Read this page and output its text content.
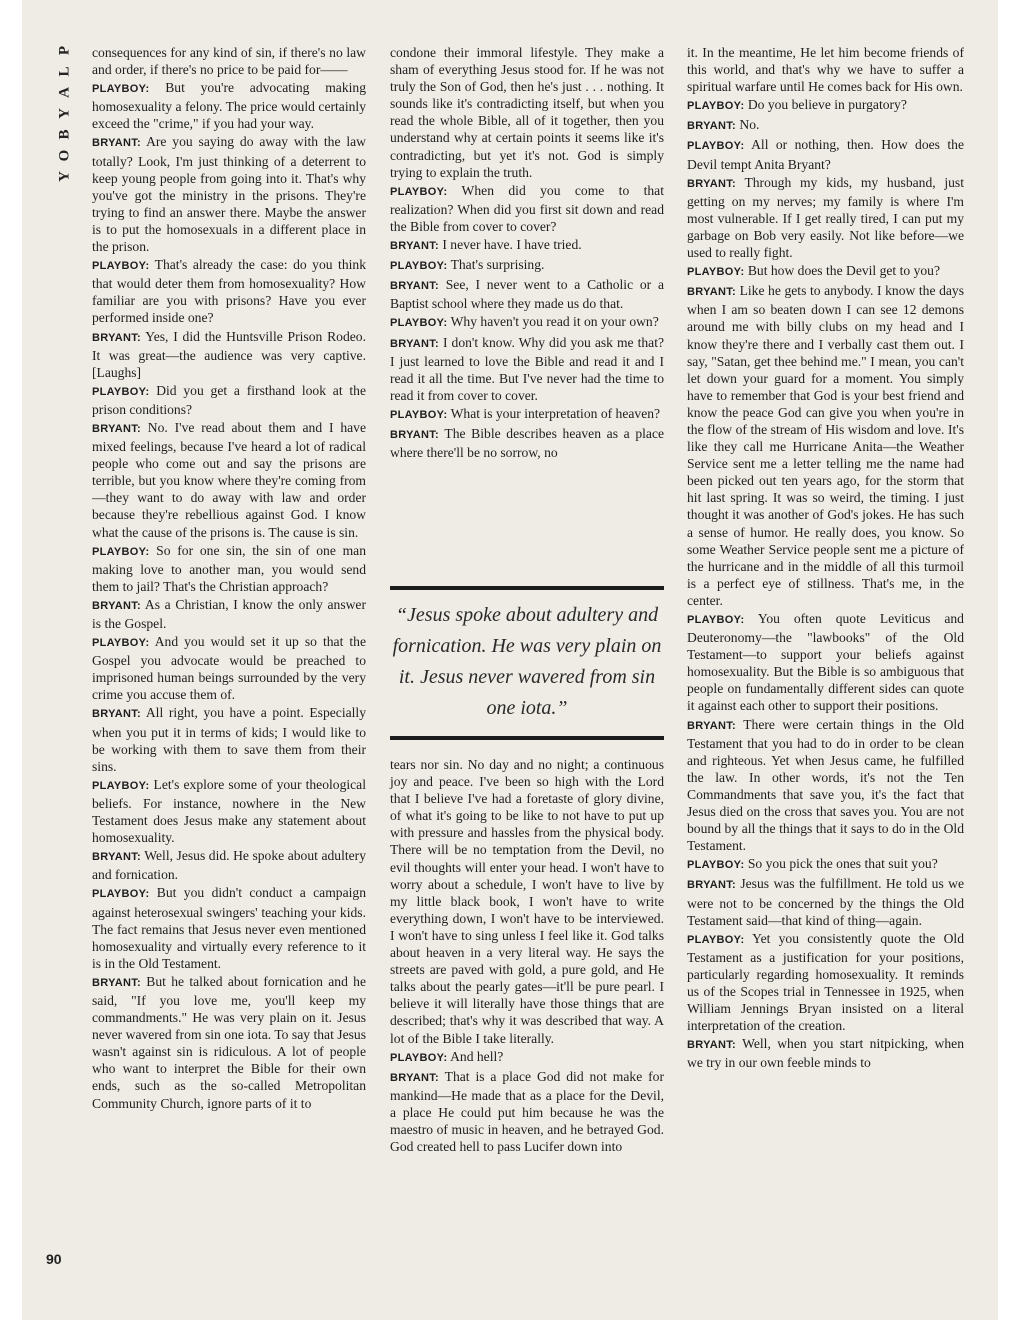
P
L
A
Y
B
O
Y

consequences for any kind of sin, if there's no law and order, if there's no price to be paid for——

PLAYBOY: But you're advocating making homosexuality a felony. The price would certainly exceed the "crime," if you had your way.

BRYANT: Are you saying do away with the law totally? Look, I'm just thinking of a deterrent to keep young people from going into it. That's why you've got the ministry in the prisons. They're trying to find an answer there. Maybe the answer is to put the homosexuals in a different place in the prison.

PLAYBOY: That's already the case: do you think that would deter them from homosexuality? How familiar are you with prisons? Have you ever performed inside one?

BRYANT: Yes, I did the Huntsville Prison Rodeo. It was great—the audience was very captive. [Laughs]

PLAYBOY: Did you get a firsthand look at the prison conditions?

BRYANT: No. I've read about them and I have mixed feelings, because I've heard a lot of radical people who come out and say the prisons are terrible, but you know where they're coming from—they want to do away with law and order because they're rebellious against God. I know what the cause of the prisons is. The cause is sin.

PLAYBOY: So for one sin, the sin of one man making love to another man, you would send them to jail? That's the Christian approach?

BRYANT: As a Christian, I know the only answer is the Gospel.

PLAYBOY: And you would set it up so that the Gospel you advocate would be preached to imprisoned human beings surrounded by the very crime you accuse them of.

BRYANT: All right, you have a point. Especially when you put it in terms of kids; I would like to be working with them to save them from their sins.

PLAYBOY: Let's explore some of your theological beliefs. For instance, nowhere in the New Testament does Jesus make any statement about homosexuality.

BRYANT: Well, Jesus did. He spoke about adultery and fornication.

PLAYBOY: But you didn't conduct a campaign against heterosexual swingers' teaching your kids. The fact remains that Jesus never even mentioned homosexuality and virtually every reference to it is in the Old Testament.

BRYANT: But he talked about fornication and he said, "If you love me, you'll keep my commandments." He was very plain on it. Jesus never wavered from sin one iota. To say that Jesus wasn't against sin is ridiculous. A lot of people who want to interpret the Bible for their own ends, such as the so-called Metropolitan Community Church, ignore parts of it to

condone their immoral lifestyle. They make a sham of everything Jesus stood for. If he was not truly the Son of God, then he's just . . . nothing. It sounds like it's contradicting itself, but when you read the whole Bible, all of it together, then you understand why at certain points it seems like it's contradicting, but yet it's not. God is simply trying to explain the truth.

PLAYBOY: When did you come to that realization? When did you first sit down and read the Bible from cover to cover?

BRYANT: I never have. I have tried.

PLAYBOY: That's surprising.

BRYANT: See, I never went to a Catholic or a Baptist school where they made us do that.

PLAYBOY: Why haven't you read it on your own?

BRYANT: I don't know. Why did you ask me that? I just learned to love the Bible and read it and I read it all the time. But I've never had the time to read it from cover to cover.

PLAYBOY: What is your interpretation of heaven?

BRYANT: The Bible describes heaven as a place where there'll be no sorrow, no

“Jesus spoke about adultery and fornication. He was very plain on it. Jesus never wavered from sin one iota.”

tears nor sin. No day and no night; a continuous joy and peace. I've been so high with the Lord that I believe I've had a foretaste of glory divine, of what it's going to be like to not have to put up with pressure and hassles from the physical body. There will be no temptation from the Devil, no evil thoughts will enter your head. I won't have to worry about a schedule, I won't have to live by my little black book, I won't have to write everything down, I won't have to be interviewed. I won't have to sing unless I feel like it. God talks about heaven in a very literal way. He says the streets are paved with gold, a pure gold, and He talks about the pearly gates—it'll be pure pearl. I believe it will literally have those things that are described; that's why it was described that way. A lot of the Bible I take literally.

PLAYBOY: And hell?

BRYANT: That is a place God did not make for mankind—He made that as a place for the Devil, a place He could put him because he was the maestro of music in heaven, and he betrayed God. God created hell to pass Lucifer down into

it. In the meantime, He let him become friends of this world, and that's why we have to suffer a spiritual warfare until He comes back for His own.

PLAYBOY: Do you believe in purgatory?

BRYANT: No.

PLAYBOY: All or nothing, then. How does the Devil tempt Anita Bryant?

BRYANT: Through my kids, my husband, just getting on my nerves; my family is where I'm most vulnerable. If I get really tired, I can put my garbage on Bob very easily. Not like before—we used to really fight.

PLAYBOY: But how does the Devil get to you?

BRYANT: Like he gets to anybody. I know the days when I am so beaten down I can see 12 demons around me with billy clubs on my head and I know they're there and I verbally cast them out. I say, "Satan, get thee behind me." I mean, you can't let down your guard for a moment. You simply have to remember that God is your best friend and know the peace God can give you when you're in the flow of the stream of His wisdom and love. It's like they call me Hurricane Anita—the Weather Service sent me a letter telling me the name had been picked out ten years ago, for the storm that hit last spring. It was so weird, the timing. I just thought it was another of God's jokes. He has such a sense of humor. He really does, you know. So some Weather Service people sent me a picture of the hurricane and in the middle of all this turmoil is a perfect eye of stillness. That's me, in the center.

PLAYBOY: You often quote Leviticus and Deuteronomy—the "lawbooks" of the Old Testament—to support your beliefs against homosexuality. But the Bible is so ambiguous that people on fundamentally different sides can quote it against each other to support their positions.

BRYANT: There were certain things in the Old Testament that you had to do in order to be clean and righteous. Yet when Jesus came, he fulfilled the law. In other words, it's not the Ten Commandments that save you, it's the fact that Jesus died on the cross that saves you. You are not bound by all the things that it says to do in the Old Testament.

PLAYBOY: So you pick the ones that suit you?

BRYANT: Jesus was the fulfillment. He told us we were not to be concerned by the things the Old Testament said—that kind of thing—again.

PLAYBOY: Yet you consistently quote the Old Testament as a justification for your positions, particularly regarding homosexuality. It reminds us of the Scopes trial in Tennessee in 1925, when William Jennings Bryan insisted on a literal interpretation of the creation.

BRYANT: Well, when you start nitpicking, when we try in our own feeble minds to

90
